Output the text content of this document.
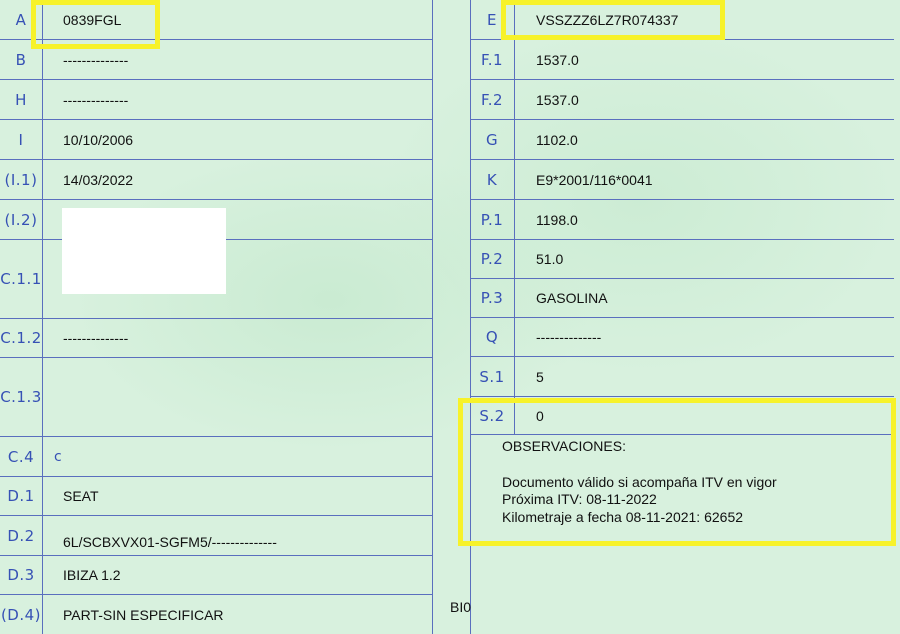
A	0839FGL
B	--------------
H	--------------
I	10/10/2006
(I.1)	14/03/2022
(I.2)
C.1.1
C.1.2 --------------
C.1.3
C.4	c
D.1	SEAT
D.2	6L/SCBXVX01-SGFM5/--------------
D.3	IBIZA 1.2
(D.4) PART-SIN ESPECIFICAR
E	VSSZZZ6LZ7R074337
F.1	1537.0
F.2	1537.0
G	1102.0
K	E9*2001/116*0041
P.1	1198.0
P.2	51.0
P.3	GASOLINA
Q	--------------
S.1	5
S.2	0
OBSERVACIONES:
Documento válido si acompaña ITV en vigor
Próxima ITV: 08-11-2022
Kilometraje a fecha 08-11-2021: 62652
BI0
